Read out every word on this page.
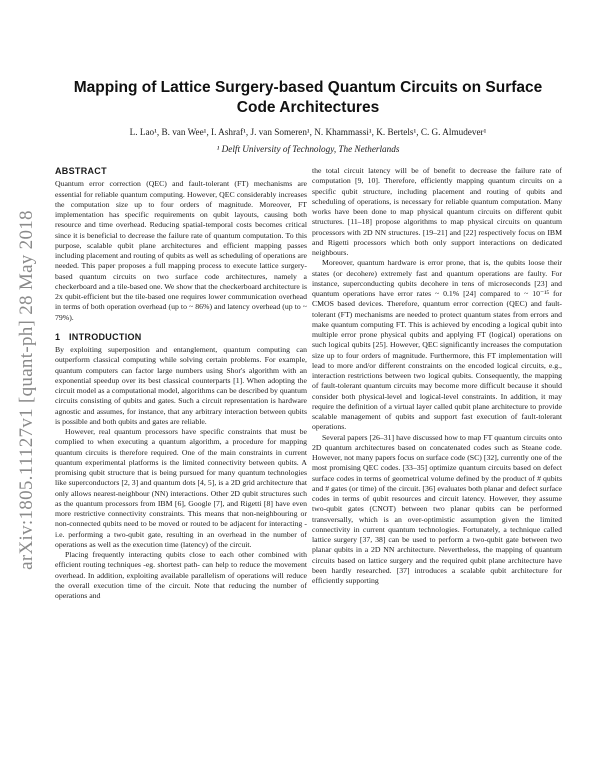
arXiv:1805.11127v1 [quant-ph] 28 May 2018
Mapping of Lattice Surgery-based Quantum Circuits on Surface Code Architectures
L. Lao¹, B. van Wee¹, I. Ashraf¹, J. van Someren¹, N. Khammassi¹, K. Bertels¹, C. G. Almudever¹
¹ Delft University of Technology, The Netherlands
ABSTRACT

Quantum error correction (QEC) and fault-tolerant (FT) mechanisms are essential for reliable quantum computing. However, QEC considerably increases the computation size up to four orders of magnitude. Moreover, FT implementation has specific requirements on qubit layouts, causing both resource and time overhead. Reducing spatial-temporal costs becomes critical since it is beneficial to decrease the failure rate of quantum computation. To this purpose, scalable qubit plane architectures and efficient mapping passes including placement and routing of qubits as well as scheduling of operations are needed. This paper proposes a full mapping process to execute lattice surgery-based quantum circuits on two surface code architectures, namely a checkerboard and a tile-based one. We show that the checkerboard architecture is 2x qubit-efficient but the tile-based one requires lower communication overhead in terms of both operation overhead (up to ~ 86%) and latency overhead (up to ~ 79%).

1 INTRODUCTION

By exploiting superposition and entanglement, quantum computing can outperform classical computing while solving certain problems. For example, quantum computers can factor large numbers using Shor's algorithm with an exponential speedup over its best classical counterparts [1]. When adopting the circuit model as a computational model, algorithms can be described by quantum circuits consisting of qubits and gates. Such a circuit representation is hardware agnostic and assumes, for instance, that any arbitrary interaction between qubits is possible and both qubits and gates are reliable.

However, real quantum processors have specific constraints that must be complied to when executing a quantum algorithm, a procedure for mapping quantum circuits is therefore required. One of the main constraints in current quantum experimental platforms is the limited connectivity between qubits. A promising qubit structure that is being pursued for many quantum technologies like superconductors [2, 3] and quantum dots [4, 5], is a 2D grid architecture that only allows nearest-neighbour (NN) interactions. Other 2D qubit structures such as the quantum processors from IBM [6], Google [7], and Rigetti [8] have even more restrictive connectivity constraints. This means that non-neighbouring or non-connected qubits need to be moved or routed to be adjacent for interacting -i.e. performing a two-qubit gate, resulting in an overhead in the number of operations as well as the execution time (latency) of the circuit.

Placing frequently interacting qubits close to each other combined with efficient routing techniques -eg. shortest path- can help to reduce the movement overhead. In addition, exploiting available parallelism of operations will reduce the overall execution time of the circuit. Note that reducing the number of operations and

the total circuit latency will be of benefit to decrease the failure rate of computation [9, 10]. Therefore, efficiently mapping quantum circuits on a specific qubit structure, including placement and routing of qubits and scheduling of operations, is necessary for reliable quantum computation. Many works have been done to map physical quantum circuits on different qubit structures. [11–18] propose algorithms to map physical circuits on quantum processors with 2D NN structures. [19–21] and [22] respectively focus on IBM and Rigetti processors which both only support interactions on dedicated neighbours.

Moreover, quantum hardware is error prone, that is, the qubits loose their states (or decohere) extremely fast and quantum operations are faulty. For instance, superconducting qubits decohere in tens of microseconds [23] and quantum operations have error rates ~ 0.1% [24] compared to ~ 10⁻¹⁵ for CMOS based devices. Therefore, quantum error correction (QEC) and fault-tolerant (FT) mechanisms are needed to protect quantum states from errors and make quantum computing FT. This is achieved by encoding a logical qubit into multiple error prone physical qubits and applying FT (logical) operations on such logical qubits [25]. However, QEC significantly increases the computation size up to four orders of magnitude. Furthermore, this FT implementation will lead to more and/or different constraints on the encoded logical circuits, e.g., interaction restrictions between two logical qubits. Consequently, the mapping of fault-tolerant quantum circuits may become more difficult because it should consider both physical-level and logical-level constraints. In addition, it may require the definition of a virtual layer called qubit plane architecture to provide scalable management of qubits and support fast execution of fault-tolerant operations.

Several papers [26–31] have discussed how to map FT quantum circuits onto 2D quantum architectures based on concatenated codes such as Steane code. However, not many papers focus on surface code (SC) [32], currently one of the most promising QEC codes. [33–35] optimize quantum circuits based on defect surface codes in terms of geometrical volume defined by the product of # qubits and # gates (or time) of the circuit. [36] evaluates both planar and defect surface codes in terms of qubit resources and circuit latency. However, they assume two-qubit gates (CNOT) between two planar qubits can be performed transversally, which is an over-optimistic assumption given the limited connectivity in current quantum technologies. Fortunately, a technique called lattice surgery [37, 38] can be used to perform a two-qubit gate between two planar qubits in a 2D NN architecture. Nevertheless, the mapping of quantum circuits based on lattice surgery and the required qubit plane architecture have been hardly researched. [37] introduces a scalable qubit architecture for efficiently supporting
